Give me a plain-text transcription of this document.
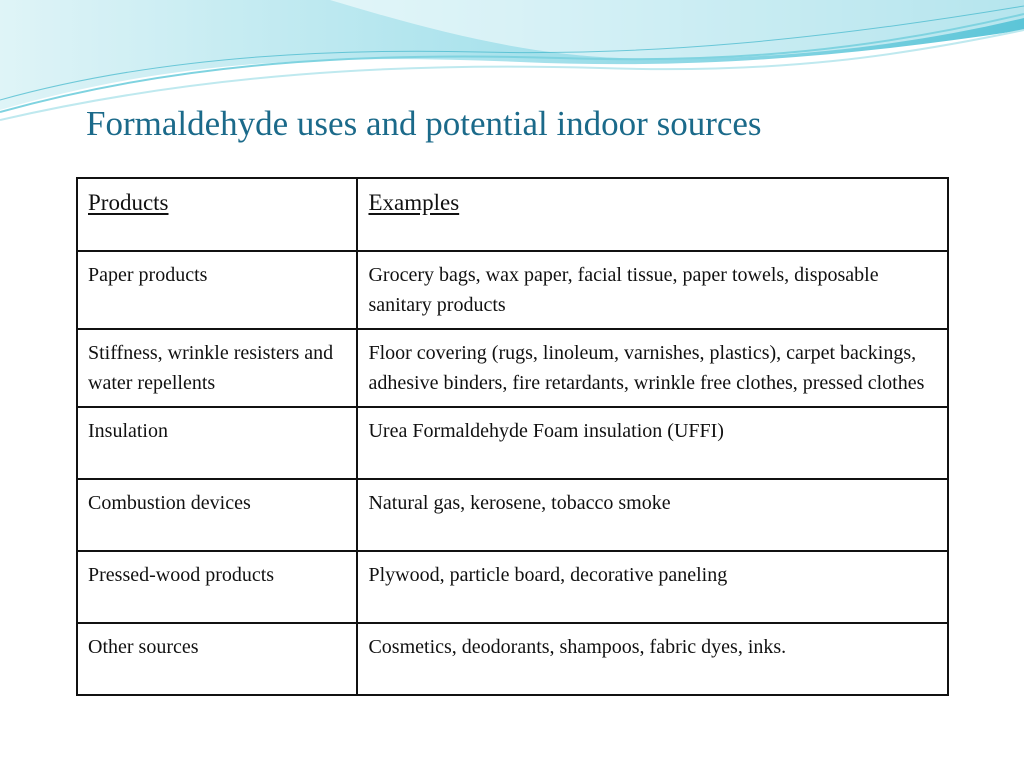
Formaldehyde uses and potential indoor sources
Products	Examples
Paper products	Grocery bags, wax paper, facial tissue, paper towels, disposable sanitary products
Stiffness, wrinkle resisters and water repellents	Floor covering (rugs, linoleum, varnishes, plastics), carpet backings, adhesive binders, fire retardants, wrinkle free clothes, pressed clothes
Insulation	Urea Formaldehyde Foam insulation (UFFI)
Combustion devices	Natural gas, kerosene, tobacco smoke
Pressed-wood products	Plywood, particle board, decorative paneling
Other sources	Cosmetics, deodorants, shampoos, fabric dyes, inks.
